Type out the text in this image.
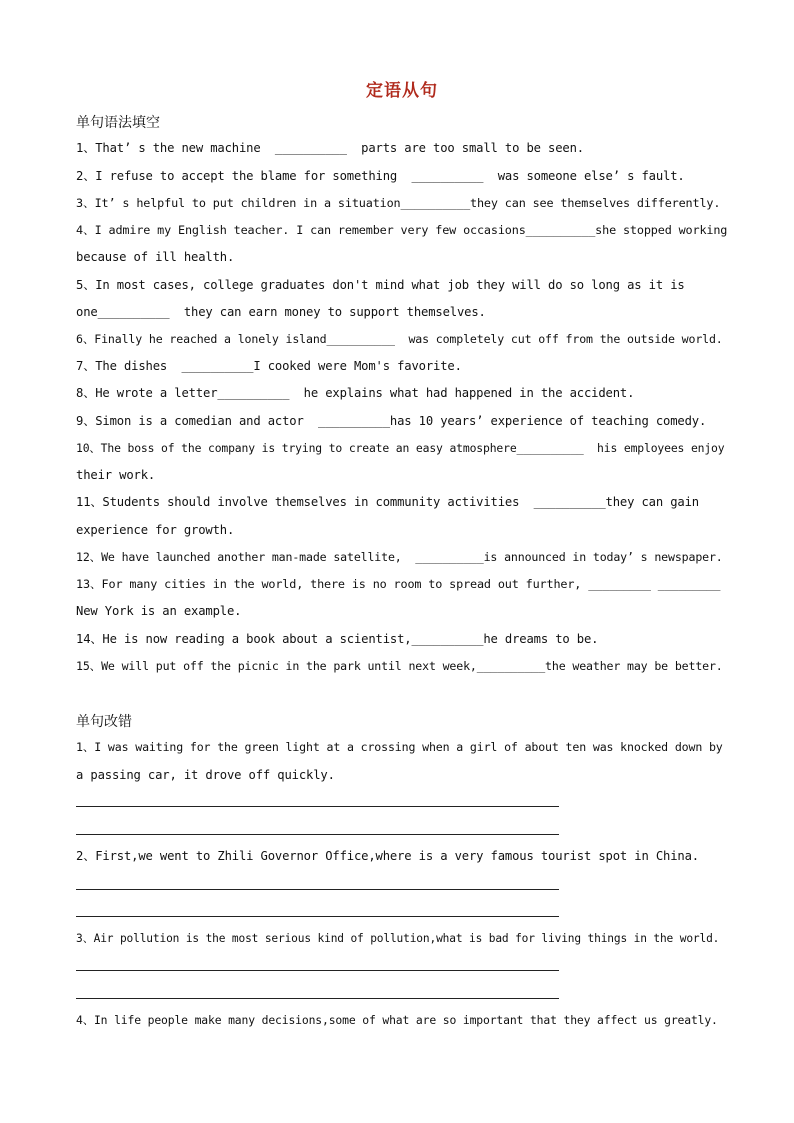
定语从句
单句语法填空
1、That’ s the new machine  __________  parts are too small to be seen.
2、I refuse to accept the blame for something  __________  was someone else’ s fault.
3、It’ s helpful to put children in a situation__________they can see themselves differently.
4、I admire my English teacher. I can remember very few occasions__________she stopped working
because of ill health.
5、In most cases, college graduates don't mind what job they will do so long as it is
one__________  they can earn money to support themselves.
6、Finally he reached a lonely island__________  was completely cut off from the outside world.
7、The dishes  __________I cooked were Mom's favorite.
8、He wrote a letter__________  he explains what had happened in the accident.
9、Simon is a comedian and actor  __________has 10 years’ experience of teaching comedy.
10、The boss of the company is trying to create an easy atmosphere__________  his employees enjoy
their work.
11、Students should involve themselves in community activities  __________they can gain
experience for growth.
12、We have launched another man-made satellite,  __________is announced in today’ s newspaper.
13、For many cities in the world, there is no room to spread out further, _________ _________
New York is an example.
14、He is now reading a book about a scientist,__________he dreams to be.
15、We will put off the picnic in the park until next week,__________the weather may be better.
单句改错
1、I was waiting for the green light at a crossing when a girl of about ten was knocked down by
a passing car, it drove off quickly.
2、First,we went to Zhili Governor Office,where is a very famous tourist spot in China.
3、Air pollution is the most serious kind of pollution,what is bad for living things in the world.
4、In life people make many decisions,some of what are so important that they affect us greatly.
